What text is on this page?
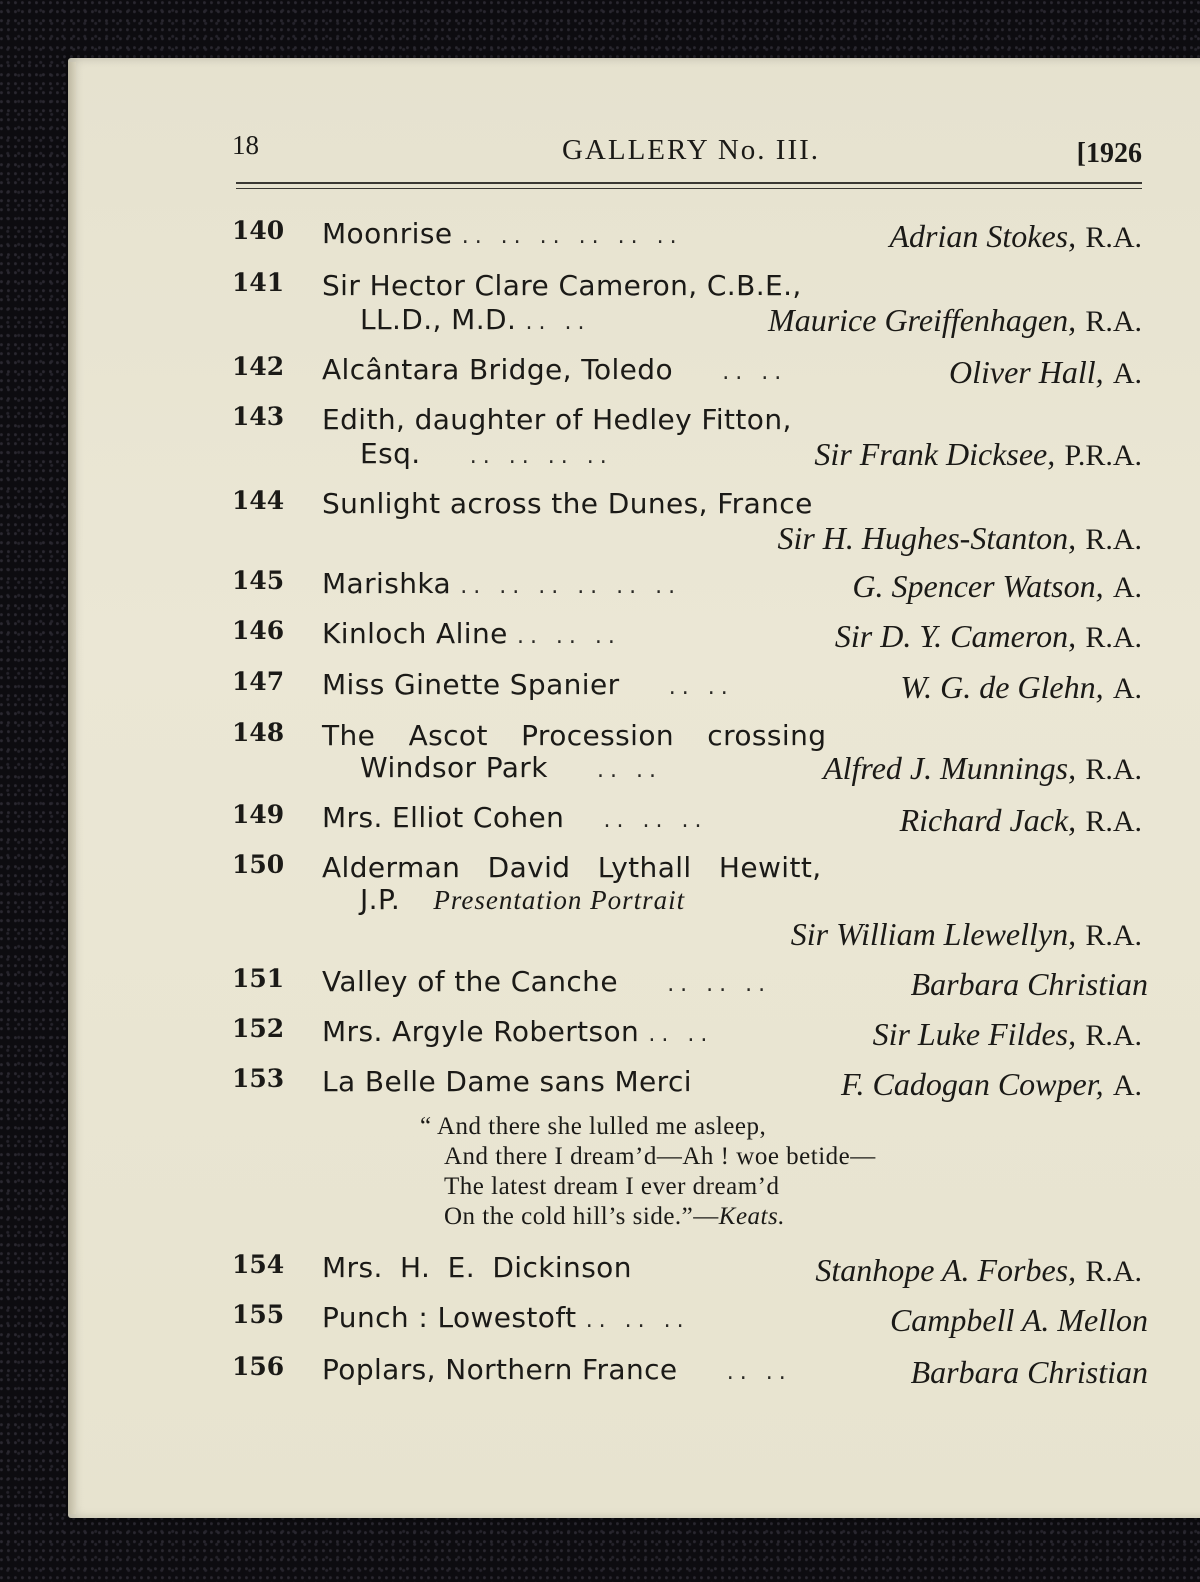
18	GALLERY No. III.	[1926
140 Moonrise .. .. .. .. .. ..	Adrian Stokes, R.A.
141 Sir Hector Clare Cameron, C.B.E.,
LL.D., M.D. .. ..	Maurice Greiffenhagen, R.A.
142 Alcântara Bridge, Toledo .. ..	Oliver Hall, A.
143 Edith, daughter of Hedley Fitton,
Esq. .. .. .. ..	Sir Frank Dicksee, P.R.A.
144 Sunlight across the Dunes, France
Sir H. Hughes-Stanton, R.A.
145 Marishka .. .. .. .. .. ..	G. Spencer Watson, A.
146 Kinloch Aline .. .. ..	Sir D. Y. Cameron, R.A.
147 Miss Ginette Spanier .. ..	W. G. de Glehn, A.
148 The Ascot Procession crossing
Windsor Park .. ..	Alfred J. Munnings, R.A.
149 Mrs. Elliot Cohen .. .. ..	Richard Jack, R.A.
150 Alderman David Lythall Hewitt,
J.P. Presentation Portrait
Sir William Llewellyn, R.A.
151 Valley of the Canche .. .. ..	Barbara Christian
152 Mrs. Argyle Robertson .. ..	Sir Luke Fildes, R.A.
153 La Belle Dame sans Merci	F. Cadogan Cowper, A.
“ And there she lulled me asleep,
And there I dream’d—Ah ! woe betide—
The latest dream I ever dream’d
On the cold hill’s side.”—Keats.
154 Mrs. H. E. Dickinson	Stanhope A. Forbes, R.A.
155 Punch : Lowestoft .. .. ..	Campbell A. Mellon
156 Poplars, Northern France .. ..	Barbara Christian
